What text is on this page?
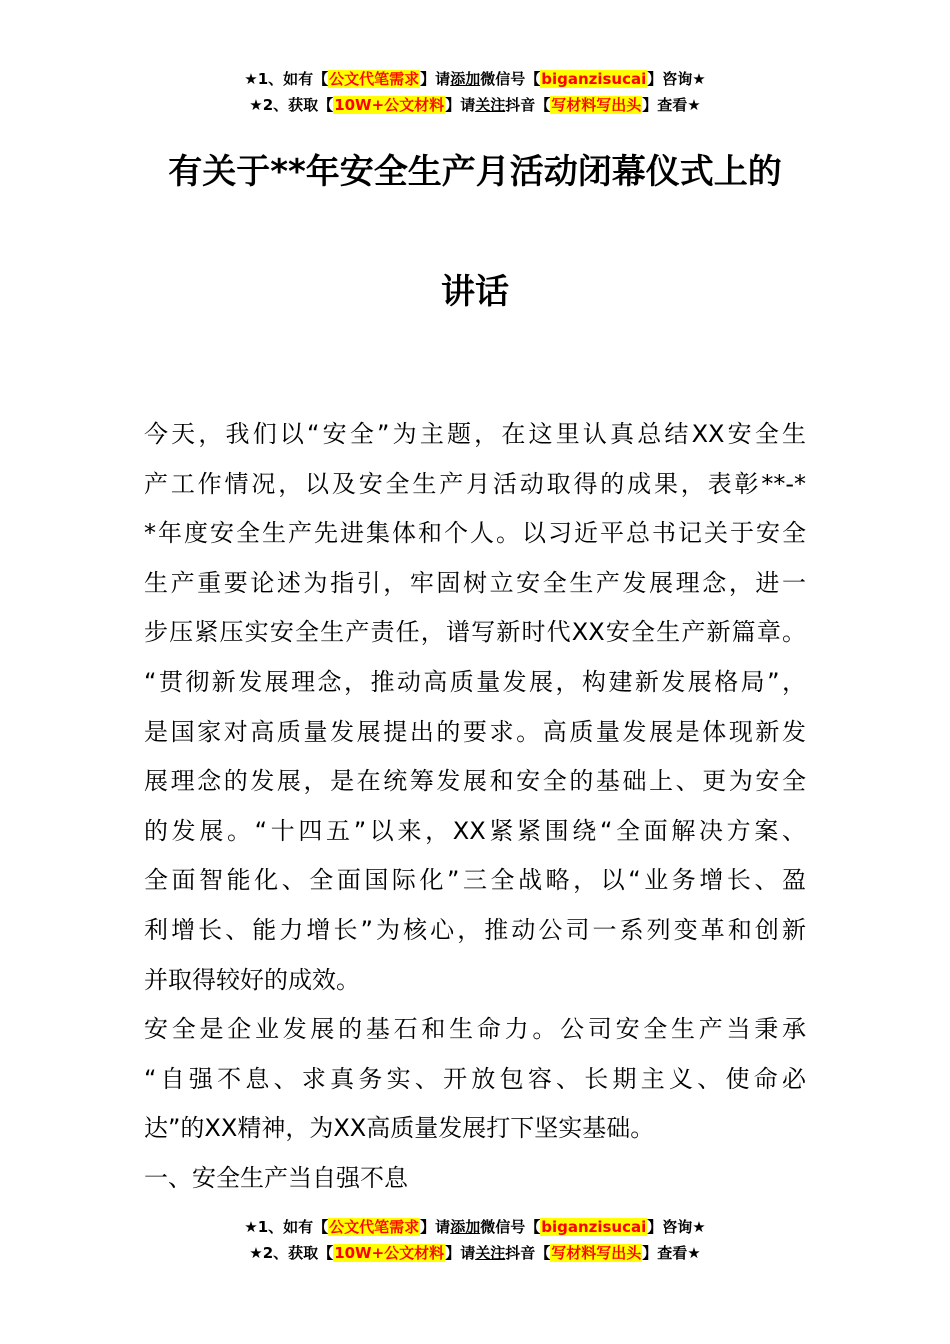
★1、如有【公文代笔需求】请添加微信号【biganzisucai】咨询★
★2、获取【10W+公文材料】请关注抖音【写材料写出头】查看★
有关于**年安全生产月活动闭幕仪式上的
讲话
今天，我们以“安全”为主题，在这里认真总结XX安全生
产工作情况，以及安全生产月活动取得的成果，表彰**-*
*年度安全生产先进集体和个人。以习近平总书记关于安全
生产重要论述为指引，牢固树立安全生产发展理念，进一
步压紧压实安全生产责任，谱写新时代XX安全生产新篇章。
“贯彻新发展理念，推动高质量发展，构建新发展格局”，
是国家对高质量发展提出的要求。高质量发展是体现新发
展理念的发展，是在统筹发展和安全的基础上、更为安全
的发展。“十四五”以来，XX紧紧围绕“全面解决方案、
全面智能化、全面国际化”三全战略，以“业务增长、盈
利增长、能力增长”为核心，推动公司一系列变革和创新
并取得较好的成效。
安全是企业发展的基石和生命力。公司安全生产当秉承
“自强不息、求真务实、开放包容、长期主义、使命必
达”的XX精神，为XX高质量发展打下坚实基础。
一、安全生产当自强不息
★1、如有【公文代笔需求】请添加微信号【biganzisucai】咨询★
★2、获取【10W+公文材料】请关注抖音【写材料写出头】查看★
